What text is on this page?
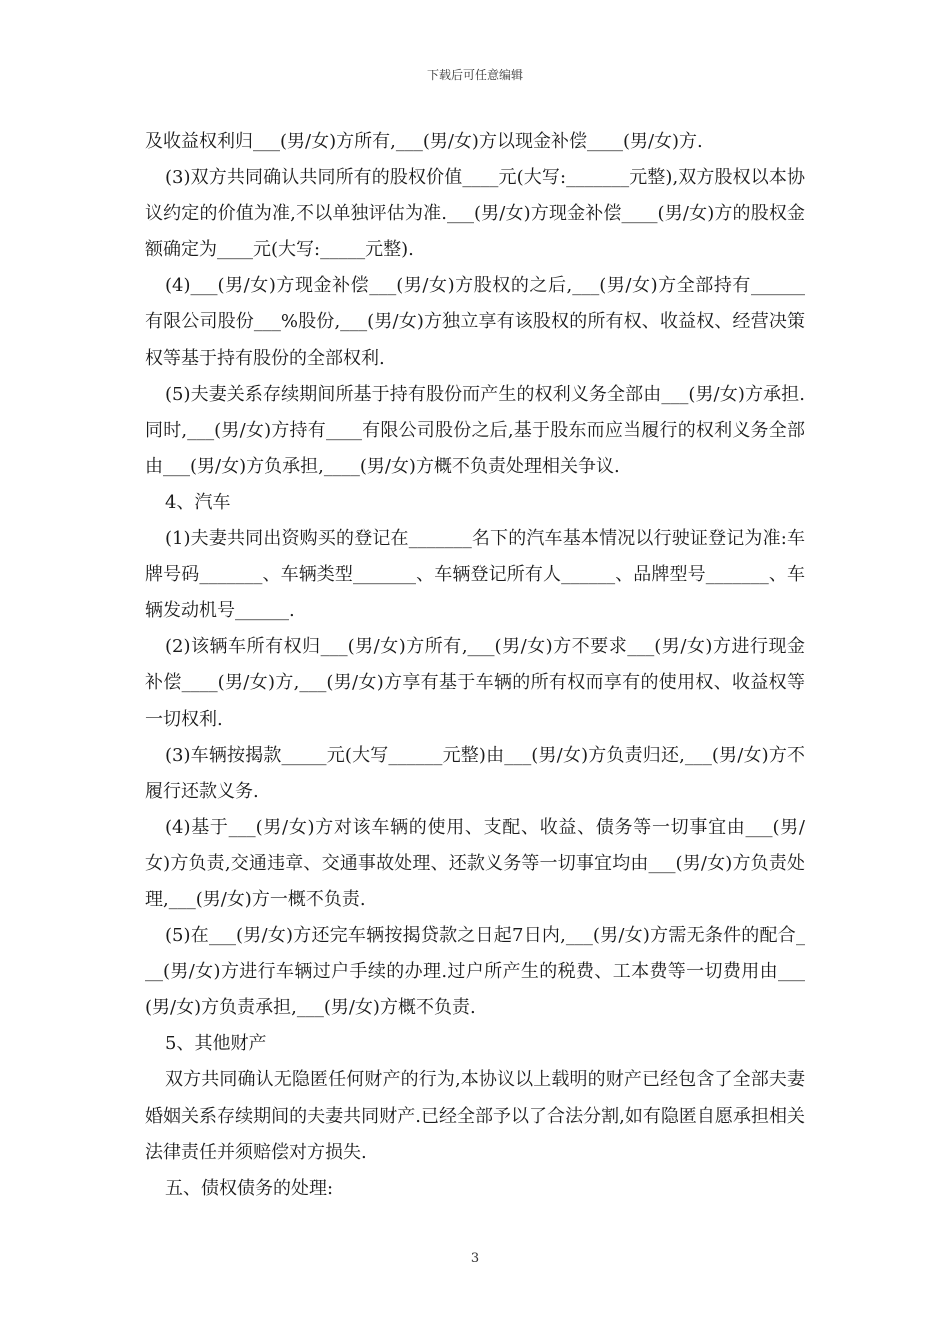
下载后可任意编辑

及收益权利归___(男/女)方所有,___(男/女)方以现金补偿____(男/女)方.

(3)双方共同确认共同所有的股权价值____元(大写:_______元整),双方股权以本协议约定的价值为准,不以单独评估为准.___(男/女)方现金补偿____(男/女)方的股权金额确定为____元(大写:_____元整).

(4)___(男/女)方现金补偿___(男/女)方股权的之后,___(男/女)方全部持有______有限公司股份___%股份,___(男/女)方独立享有该股权的所有权、收益权、经营决策权等基于持有股份的全部权利.

(5)夫妻关系存续期间所基于持有股份而产生的权利义务全部由___(男/女)方承担.同时,___(男/女)方持有____有限公司股份之后,基于股东而应当履行的权利义务全部由___(男/女)方负承担,____(男/女)方概不负责处理相关争议.

4、汽车

(1)夫妻共同出资购买的登记在_______名下的汽车基本情况以行驶证登记为准:车牌号码_______、车辆类型_______、车辆登记所有人______、品牌型号_______、车辆发动机号______.

(2)该辆车所有权归___(男/女)方所有,___(男/女)方不要求___(男/女)方进行现金补偿____(男/女)方,___(男/女)方享有基于车辆的所有权而享有的使用权、收益权等一切权利.

(3)车辆按揭款_____元(大写______元整)由___(男/女)方负责归还,___(男/女)方不履行还款义务.

(4)基于___(男/女)方对该车辆的使用、支配、收益、债务等一切事宜由___(男/女)方负责,交通违章、交通事故处理、还款义务等一切事宜均由___(男/女)方负责处理,___(男/女)方一概不负责.

(5)在___(男/女)方还完车辆按揭贷款之日起7日内,___(男/女)方需无条件的配合___(男/女)方进行车辆过户手续的办理.过户所产生的税费、工本费等一切费用由___(男/女)方负责承担,___(男/女)方概不负责.

5、其他财产

双方共同确认无隐匿任何财产的行为,本协议以上载明的财产已经包含了全部夫妻婚姻关系存续期间的夫妻共同财产.已经全部予以了合法分割,如有隐匿自愿承担相关法律责任并须赔偿对方损失.

五、债权债务的处理:

3
